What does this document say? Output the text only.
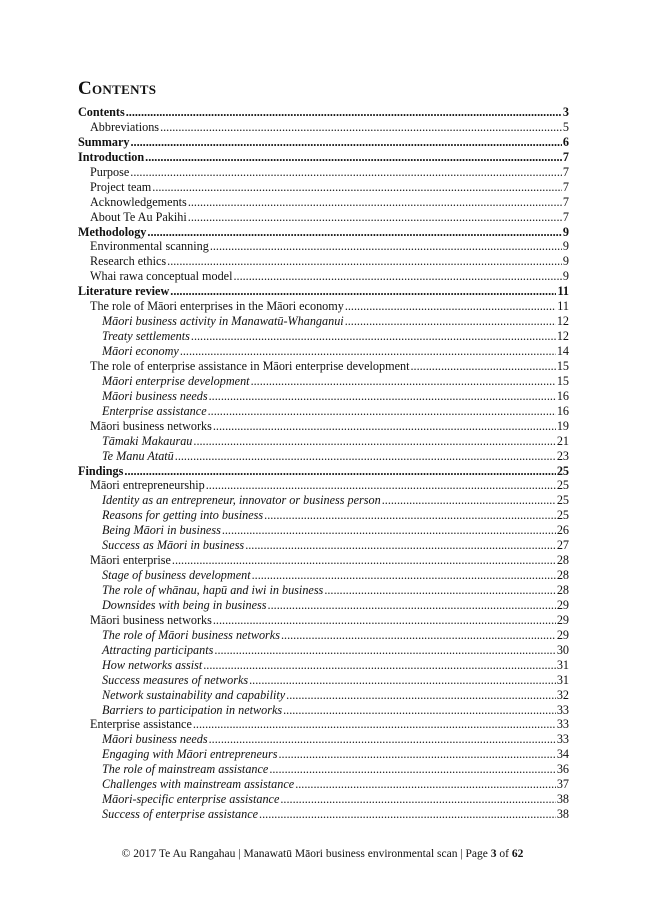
Contents
Contents .....	3
Abbreviations .....	5
Summary .....	6
Introduction .....	7
Purpose .....	7
Project team .....	7
Acknowledgements .....	7
About Te Au Pakihi .....	7
Methodology .....	9
Environmental scanning .....	9
Research ethics .....	9
Whai rawa conceptual model .....	9
Literature review .....	11
The role of Māori enterprises in the Māori economy .....	11
Māori business activity in Manawatū-Whanganui .....	12
Treaty settlements .....	12
Māori economy .....	14
The role of enterprise assistance in Māori enterprise development .....	15
Māori enterprise development .....	15
Māori business needs .....	16
Enterprise assistance .....	16
Māori business networks .....	19
Tāmaki Makaurau .....	21
Te Manu Atatū .....	23
Findings .....	25
Māori entrepreneurship .....	25
Identity as an entrepreneur, innovator or business person .....	25
Reasons for getting into business .....	25
Being Māori in business .....	26
Success as Māori in business .....	27
Māori enterprise .....	28
Stage of business development .....	28
The role of whānau, hapū and iwi in business .....	28
Downsides with being in business .....	29
Māori business networks .....	29
The role of Māori business networks .....	29
Attracting participants .....	30
How networks assist .....	31
Success measures of networks .....	31
Network sustainability and capability .....	32
Barriers to participation in networks .....	33
Enterprise assistance .....	33
Māori business needs .....	33
Engaging with Māori entrepreneurs .....	34
The role of mainstream assistance .....	36
Challenges with mainstream assistance .....	37
Māori-specific enterprise assistance .....	38
Success of enterprise assistance .....	38
© 2017 Te Au Rangahau | Manawatū Māori business environmental scan | Page 3 of 62
